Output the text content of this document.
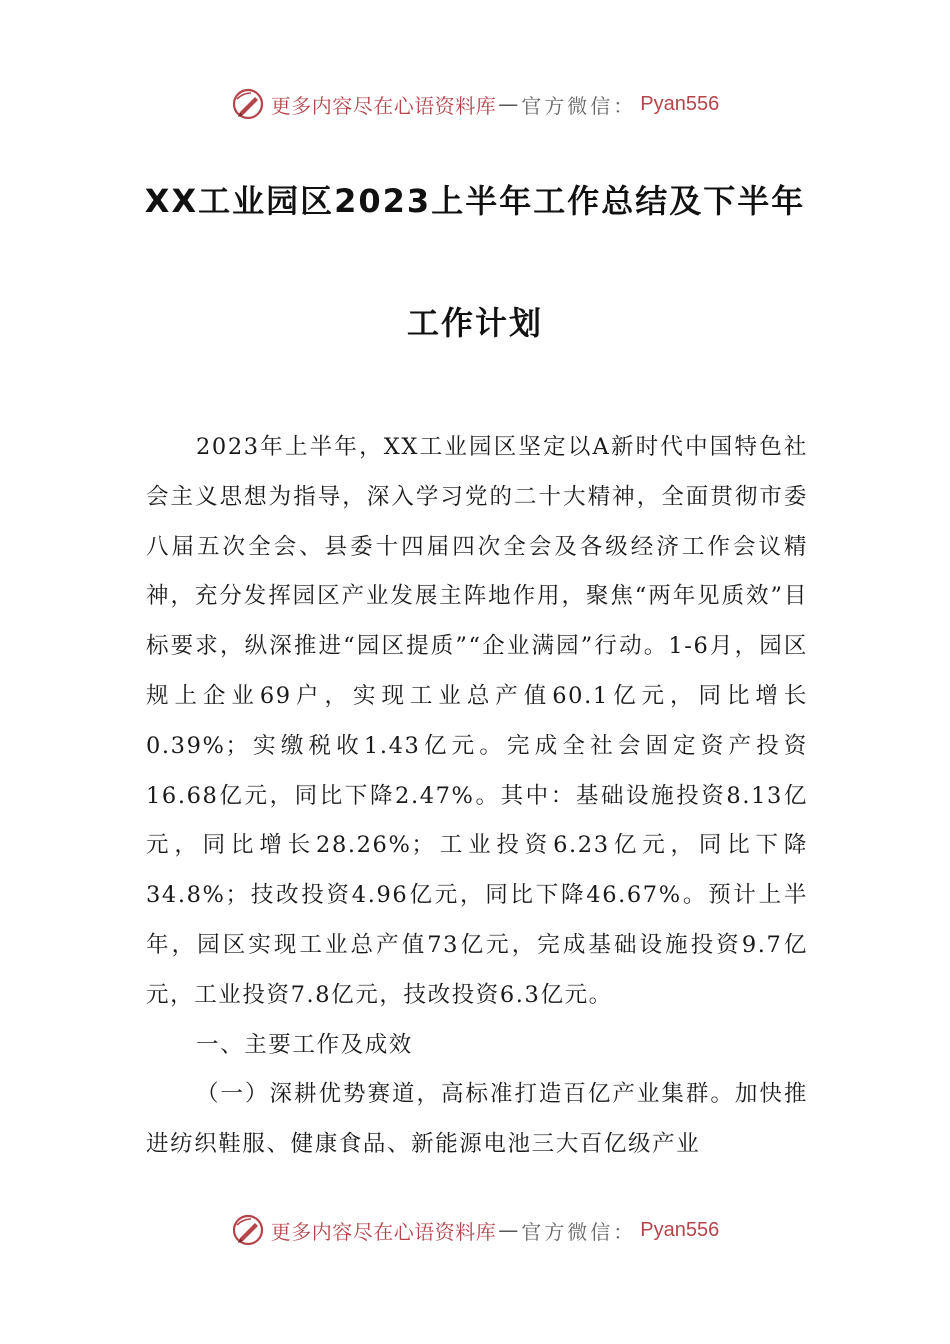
更多内容尽在心语资料库 — 官方微信： Pyan556
XX工业园区2023上半年工作总结及下半年
工作计划

2023年上半年，XX工业园区坚定以A新时代中国特色社会主义思想为指导，深入学习党的二十大精神，全面贯彻市委八届五次全会、县委十四届四次全会及各级经济工作会议精神，充分发挥园区产业发展主阵地作用，聚焦“两年见质效”目标要求，纵深推进“园区提质”“企业满园”行动。1-6月，园区规上企业69户，实现工业总产值60.1亿元，同比增长0.39%；实缴税收1.43亿元。完成全社会固定资产投资16.68亿元，同比下降2.47%。其中：基础设施投资8.13亿元，同比增长28.26%；工业投资6.23亿元，同比下降34.8%；技改投资4.96亿元，同比下降46.67%。预计上半年，园区实现工业总产值73亿元，完成基础设施投资9.7亿元，工业投资7.8亿元，技改投资6.3亿元。

一、主要工作及成效

（一）深耕优势赛道，高标准打造百亿产业集群。加快推进纺织鞋服、健康食品、新能源电池三大百亿级产业

更多内容尽在心语资料库 — 官方微信： Pyan556
